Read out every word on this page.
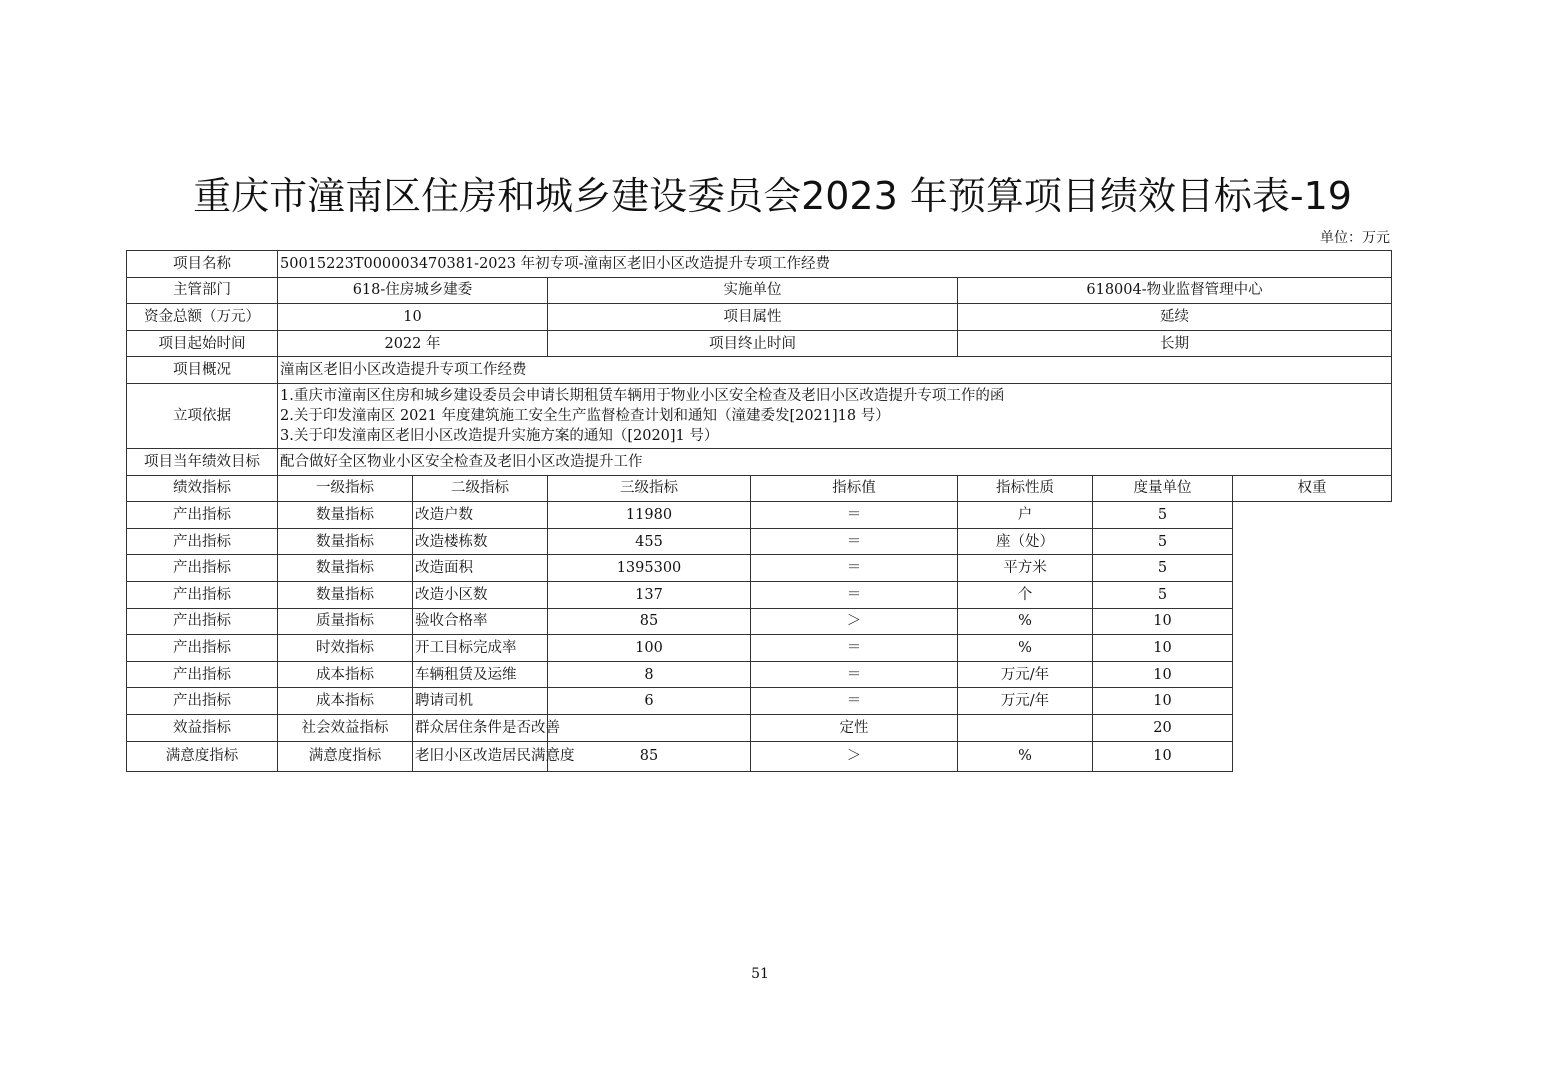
重庆市潼南区住房和城乡建设委员会2023 年预算项目绩效目标表-19
单位：万元
项目名称	50015223T000003470381-2023 年初专项-潼南区老旧小区改造提升专项工作经费						
主管部门	618-住房城乡建委		实施单位		618004-物业监督管理中心		
资金总额（万元）	10		项目属性		延续		
项目起始时间	2022 年		项目终止时间		长期		
项目概况	潼南区老旧小区改造提升专项工作经费						
立项依据	1.重庆市潼南区住房和城乡建设委员会申请长期租赁车辆用于物业小区安全检查及老旧小区改造提升专项工作的函
2.关于印发潼南区 2021 年度建筑施工安全生产监督检查计划和通知（潼建委发[2021]18 号）
3.关于印发潼南区老旧小区改造提升实施方案的通知（[2020]1 号）						

项目当年绩效目标	配合做好全区物业小区安全检查及老旧小区改造提升工作						
绩效指标	一级指标	二级指标	三级指标	指标值	指标性质	度量单位	权重
产出指标	数量指标	改造户数	11980	＝	户	5	
产出指标	数量指标	改造楼栋数	455	＝	座（处）	5	
产出指标	数量指标	改造面积	1395300	＝	平方米	5	
产出指标	数量指标	改造小区数	137	＝	个	5	
产出指标	质量指标	验收合格率	85	＞	%	10	
产出指标	时效指标	开工目标完成率	100	＝	%	10	
产出指标	成本指标	车辆租赁及运维	8	＝	万元/年	10	
产出指标	成本指标	聘请司机	6	＝	万元/年	10	
效益指标	社会效益指标	群众居住条件是否改善		定性		20	
满意度指标	满意度指标	老旧小区改造居民满意度	85	＞	%	10	
51
